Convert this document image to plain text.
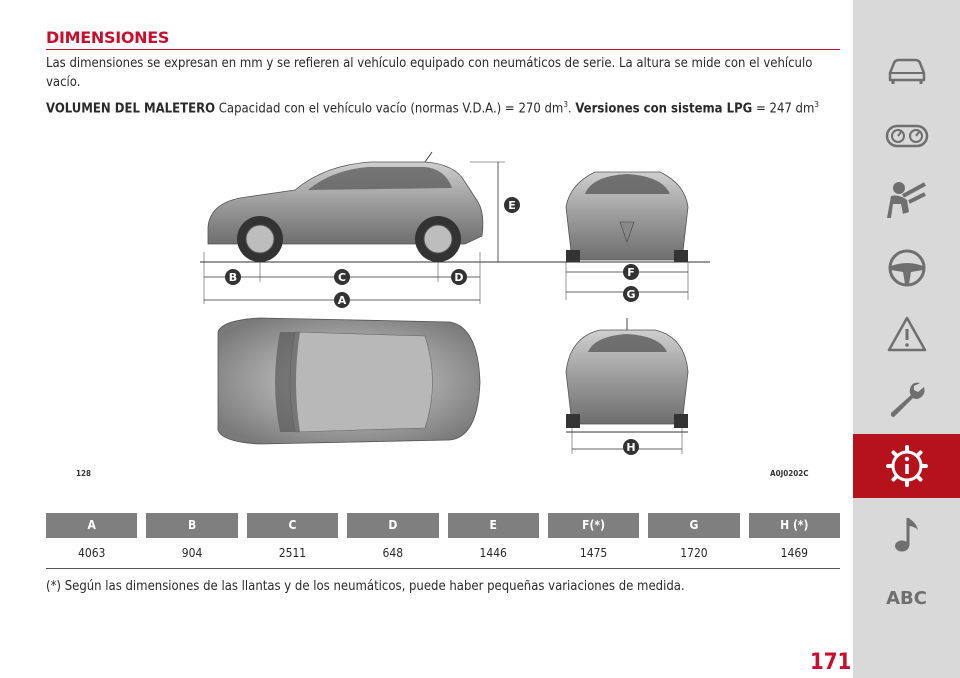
DIMENSIONES

Las dimensiones se expresan en mm y se refieren al vehículo equipado con neumáticos de serie. La altura se mide con el vehículo vacío.

VOLUMEN DEL MALETERO Capacidad con el vehículo vacío (normas V.D.A.) = 270 $dm^3$. Versiones con sistema LPG = 247 $dm^3$

E
B	C	D
A
F
G
H
128	A0J0202C
A	B	C	D	E	F(*)	G	H (*)
4063	904	2511	648	1446	1475	1720	1469

(*) Según las dimensiones de las llantas y de los neumáticos, puede haber pequeñas variaciones de medida.

171
ABC
